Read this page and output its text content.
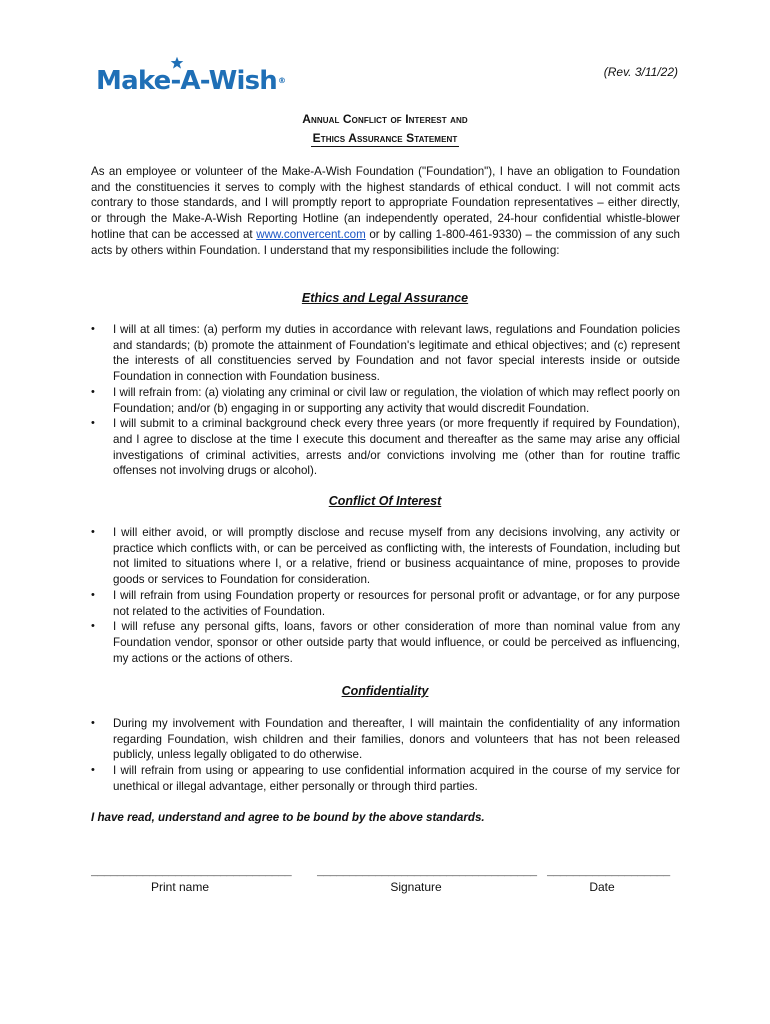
Make-A-Wish®
(Rev. 3/11/22)
Annual Conflict of Interest and
Ethics Assurance Statement
As an employee or volunteer of the Make-A-Wish Foundation ("Foundation"), I have an obligation to Foundation and the constituencies it serves to comply with the highest standards of ethical conduct. I will not commit acts contrary to those standards, and I will promptly report to appropriate Foundation representatives – either directly, or through the Make-A-Wish Reporting Hotline (an independently operated, 24-hour confidential whistle-blower hotline that can be accessed at www.convercent.com or by calling 1-800-461-9330) – the commission of any such acts by others within Foundation. I understand that my responsibilities include the following:
Ethics and Legal Assurance
• I will at all times: (a) perform my duties in accordance with relevant laws, regulations and Foundation policies and standards; (b) promote the attainment of Foundation's legitimate and ethical objectives; and (c) represent the interests of all constituencies served by Foundation and not favor special interests inside or outside Foundation in connection with Foundation business.
• I will refrain from: (a) violating any criminal or civil law or regulation, the violation of which may reflect poorly on Foundation; and/or (b) engaging in or supporting any activity that would discredit Foundation.
• I will submit to a criminal background check every three years (or more frequently if required by Foundation), and I agree to disclose at the time I execute this document and thereafter as the same may arise any official investigations of criminal activities, arrests and/or convictions involving me (other than for routine traffic offenses not involving drugs or alcohol).
Conflict Of Interest
• I will either avoid, or will promptly disclose and recuse myself from any decisions involving, any activity or practice which conflicts with, or can be perceived as conflicting with, the interests of Foundation, including but not limited to situations where I, or a relative, friend or business acquaintance of mine, proposes to provide goods or services to Foundation for consideration.
• I will refrain from using Foundation property or resources for personal profit or advantage, or for any purpose not related to the activities of Foundation.
• I will refuse any personal gifts, loans, favors or other consideration of more than nominal value from any Foundation vendor, sponsor or other outside party that would influence, or could be perceived as influencing, my actions or the actions of others.
Confidentiality
• During my involvement with Foundation and thereafter, I will maintain the confidentiality of any information regarding Foundation, wish children and their families, donors and volunteers that has not been released publicly, unless legally obligated to do otherwise.
• I will refrain from using or appearing to use confidential information acquired in the course of my service for unethical or illegal advantage, either personally or through third parties.
I have read, understand and agree to be bound by the above standards.
_______________________________
Print name
__________________________________
Signature
___________________
Date
